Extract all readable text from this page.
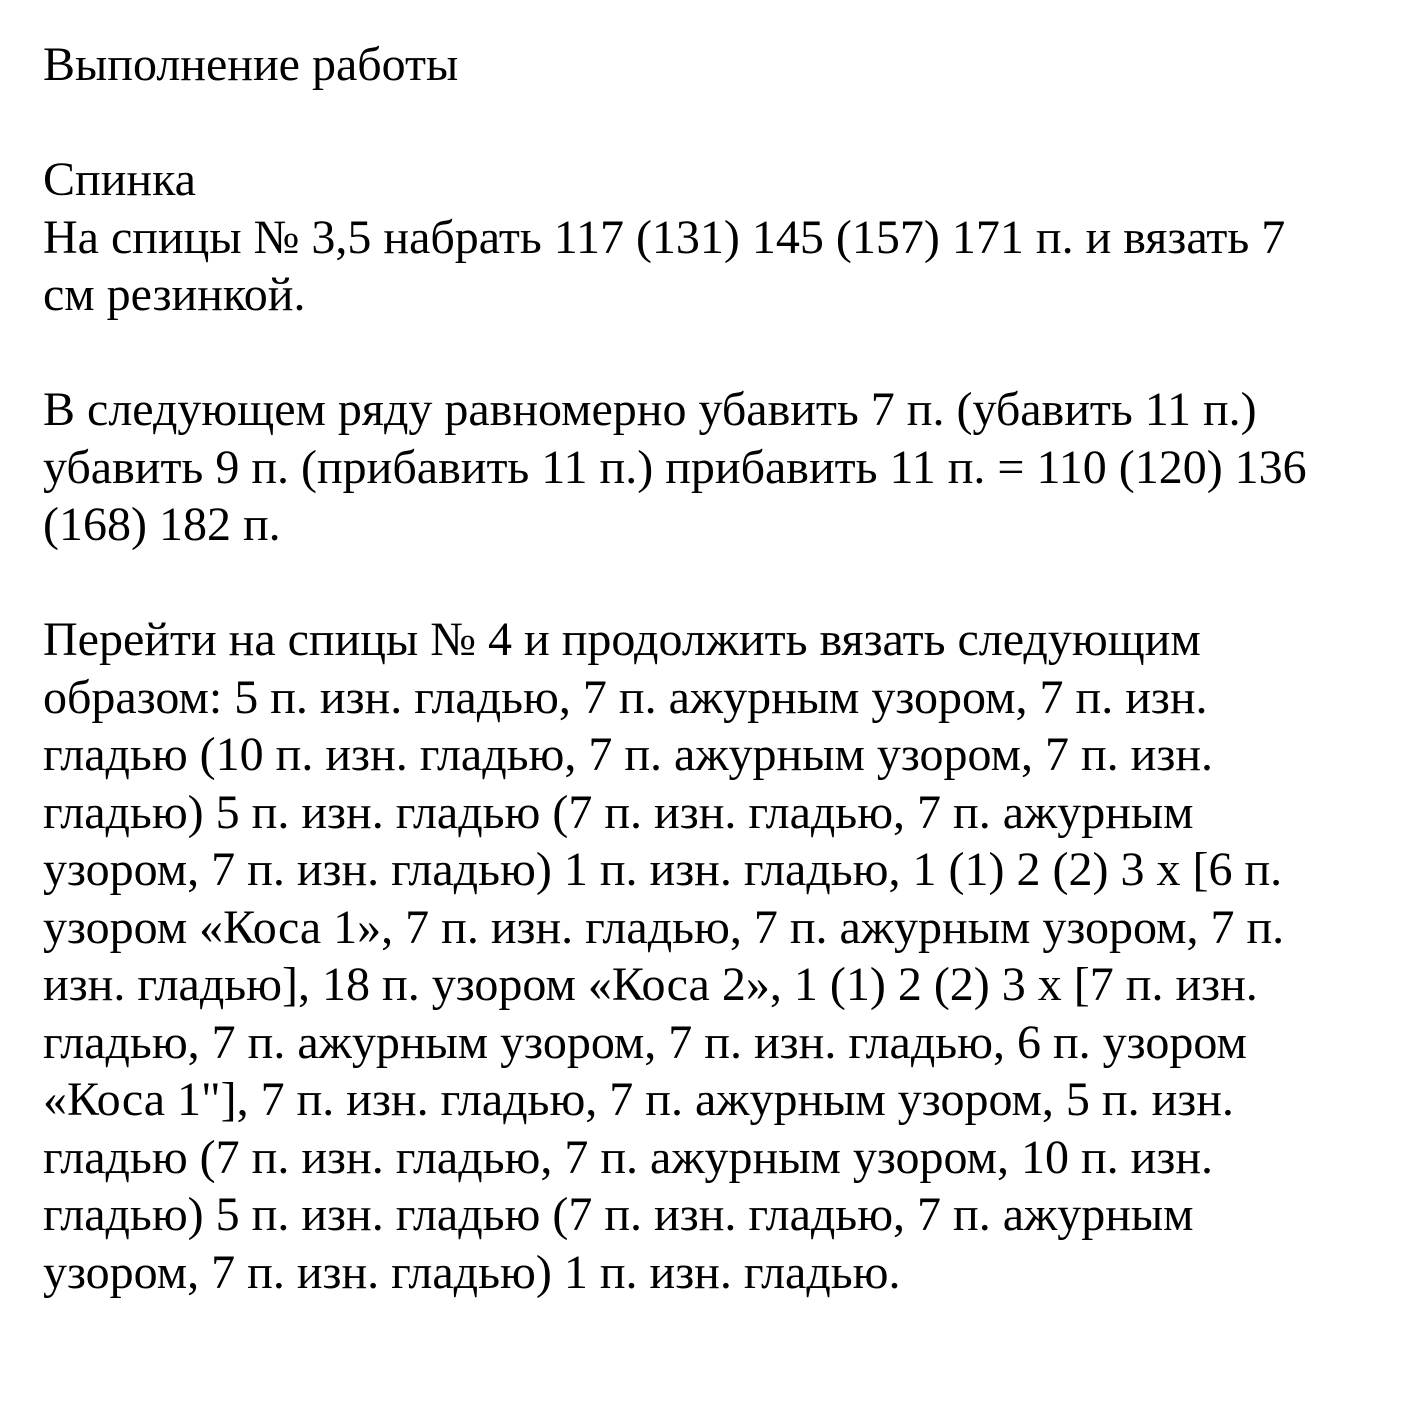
Выполнение работы
Спинка
На спицы № 3,5 набрать 117 (131) 145 (157) 171 п. и вязать 7
см резинкой.
В следующем ряду равномерно убавить 7 п. (убавить 11 п.)
убавить 9 п. (прибавить 11 п.) прибавить 11 п. = 110 (120) 136
(168) 182 п.
Перейти на спицы № 4 и продолжить вязать следующим
образом: 5 п. изн. гладью, 7 п. ажурным узором, 7 п. изн.
гладью (10 п. изн. гладью, 7 п. ажурным узором, 7 п. изн.
гладью) 5 п. изн. гладью (7 п. изн. гладью, 7 п. ажурным
узором, 7 п. изн. гладью) 1 п. изн. гладью, 1 (1) 2 (2) 3 x [6 п.
узором «Коса 1», 7 п. изн. гладью, 7 п. ажурным узором, 7 п.
изн. гладью], 18 п. узором «Коса 2», 1 (1) 2 (2) 3 x [7 п. изн.
гладью, 7 п. ажурным узором, 7 п. изн. гладью, 6 п. узором
«Коса 1"], 7 п. изн. гладью, 7 п. ажурным узором, 5 п. изн.
гладью (7 п. изн. гладью, 7 п. ажурным узором, 10 п. изн.
гладью) 5 п. изн. гладью (7 п. изн. гладью, 7 п. ажурным
узором, 7 п. изн. гладью) 1 п. изн. гладью.
